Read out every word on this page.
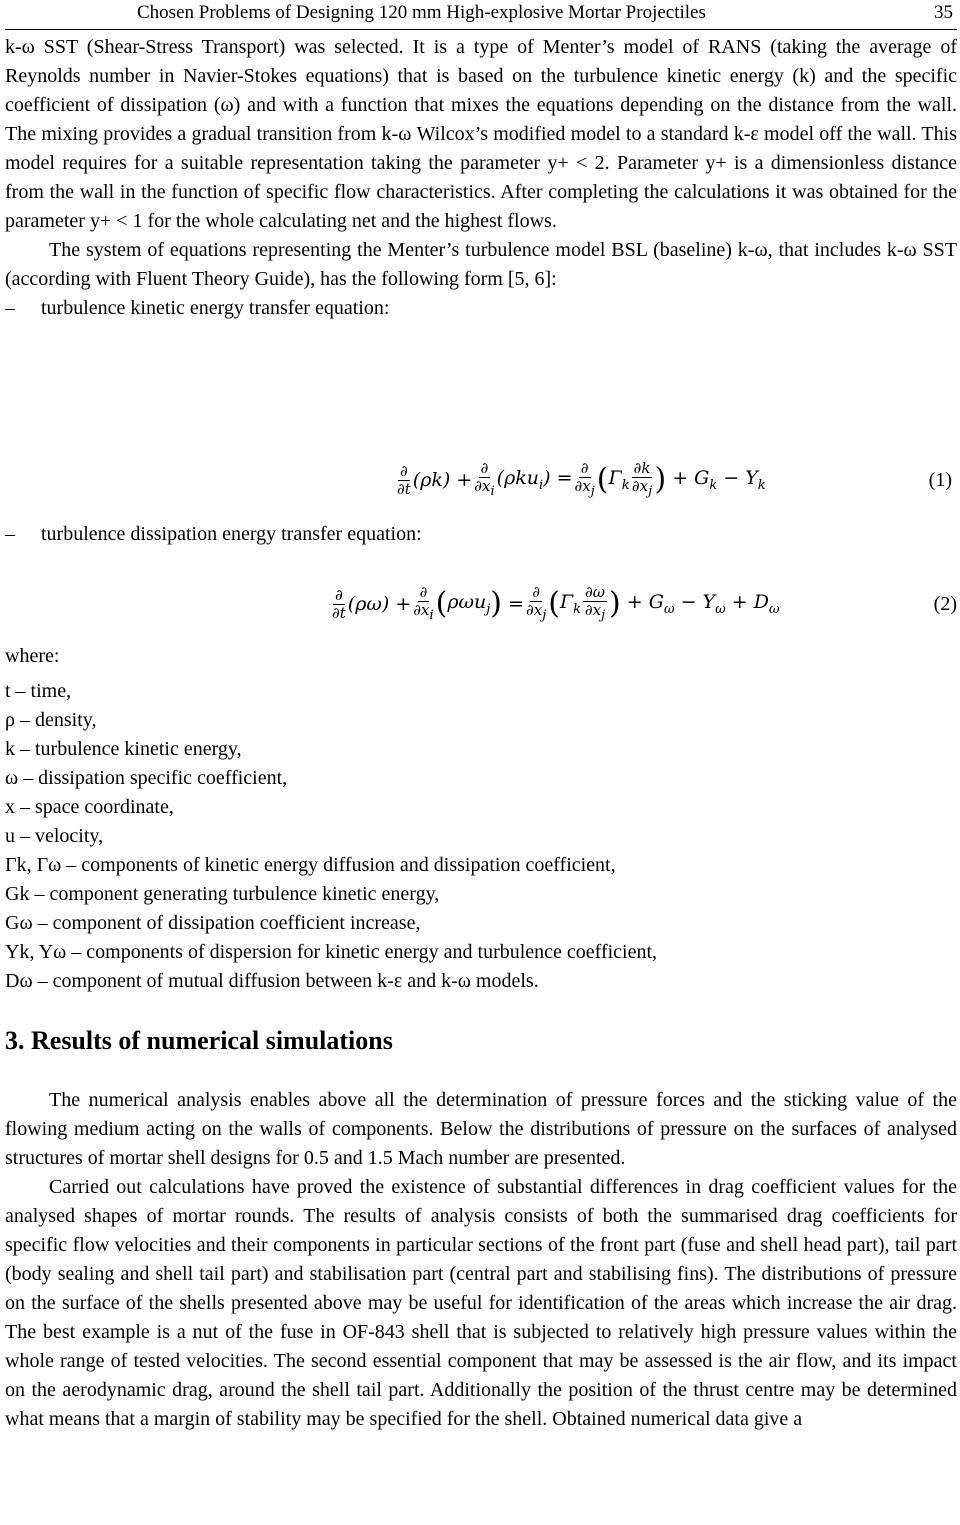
Chosen Problems of Designing 120 mm High-explosive Mortar Projectiles	35

k-ω SST (Shear-Stress Transport) was selected. It is a type of Menter’s model of RANS (taking the average of Reynolds number in Navier-Stokes equations) that is based on the turbulence kinetic energy (k) and the specific coefficient of dissipation (ω) and with a function that mixes the equations depending on the distance from the wall. The mixing provides a gradual transition from k-ω Wilcox’s modified model to a standard k-ε model off the wall. This model requires for a suitable representation taking the parameter y+ < 2. Parameter y+ is a dimensionless distance from the wall in the function of specific flow characteristics. After completing the calculations it was obtained for the parameter y+ < 1 for the whole calculating net and the highest flows.

The system of equations representing the Menter’s turbulence model BSL (baseline) k-ω, that includes k-ω SST (according with Fluent Theory Guide), has the following form [5, 6]:

–	turbulence kinetic energy transfer equation:
$\frac{\partial}{\partial t} (\rho k) + \frac{\partial}{\partial x_i} (\rho ku_i) = \frac{\partial}{\partial x_j}$ ( $\Gamma_k \frac{\partial k}{\partial x_j}$ ) + $G_k - Y_k$	(1)
–	turbulence dissipation energy transfer equation:
$\frac{\partial}{\partial t} (\rho\omega) + \frac{\partial}{\partial x_i}$ ( ρωu$_j$ ) = $\frac{\partial}{\partial x_j}$ ( $\Gamma_k \frac{\partial\omega}{\partial x_j}$ ) + $G_\omega - Y_\omega + D_\omega$	(2)

where:

t – time,

ρ – density,

k – turbulence kinetic energy,

ω – dissipation specific coefficient,

x – space coordinate,

u – velocity,

Γk, Γω – components of kinetic energy diffusion and dissipation coefficient,

Gk – component generating turbulence kinetic energy,

Gω – component of dissipation coefficient increase,

Yk, Yω – components of dispersion for kinetic energy and turbulence coefficient,

Dω – component of mutual diffusion between k-ε and k-ω models.

3. Results of numerical simulations

The numerical analysis enables above all the determination of pressure forces and the sticking value of the flowing medium acting on the walls of components. Below the distributions of pressure on the surfaces of analysed structures of mortar shell designs for 0.5 and 1.5 Mach number are presented.

Carried out calculations have proved the existence of substantial differences in drag coefficient values for the analysed shapes of mortar rounds. The results of analysis consists of both the summarised drag coefficients for specific flow velocities and their components in particular sections of the front part (fuse and shell head part), tail part (body sealing and shell tail part) and stabilisation part (central part and stabilising fins). The distributions of pressure on the surface of the shells presented above may be useful for identification of the areas which increase the air drag. The best example is a nut of the fuse in OF-843 shell that is subjected to relatively high pressure values within the whole range of tested velocities. The second essential component that may be assessed is the air flow, and its impact on the aerodynamic drag, around the shell tail part. Additionally the position of the thrust centre may be determined what means that a margin of stability may be specified for the shell. Obtained numerical data give a
